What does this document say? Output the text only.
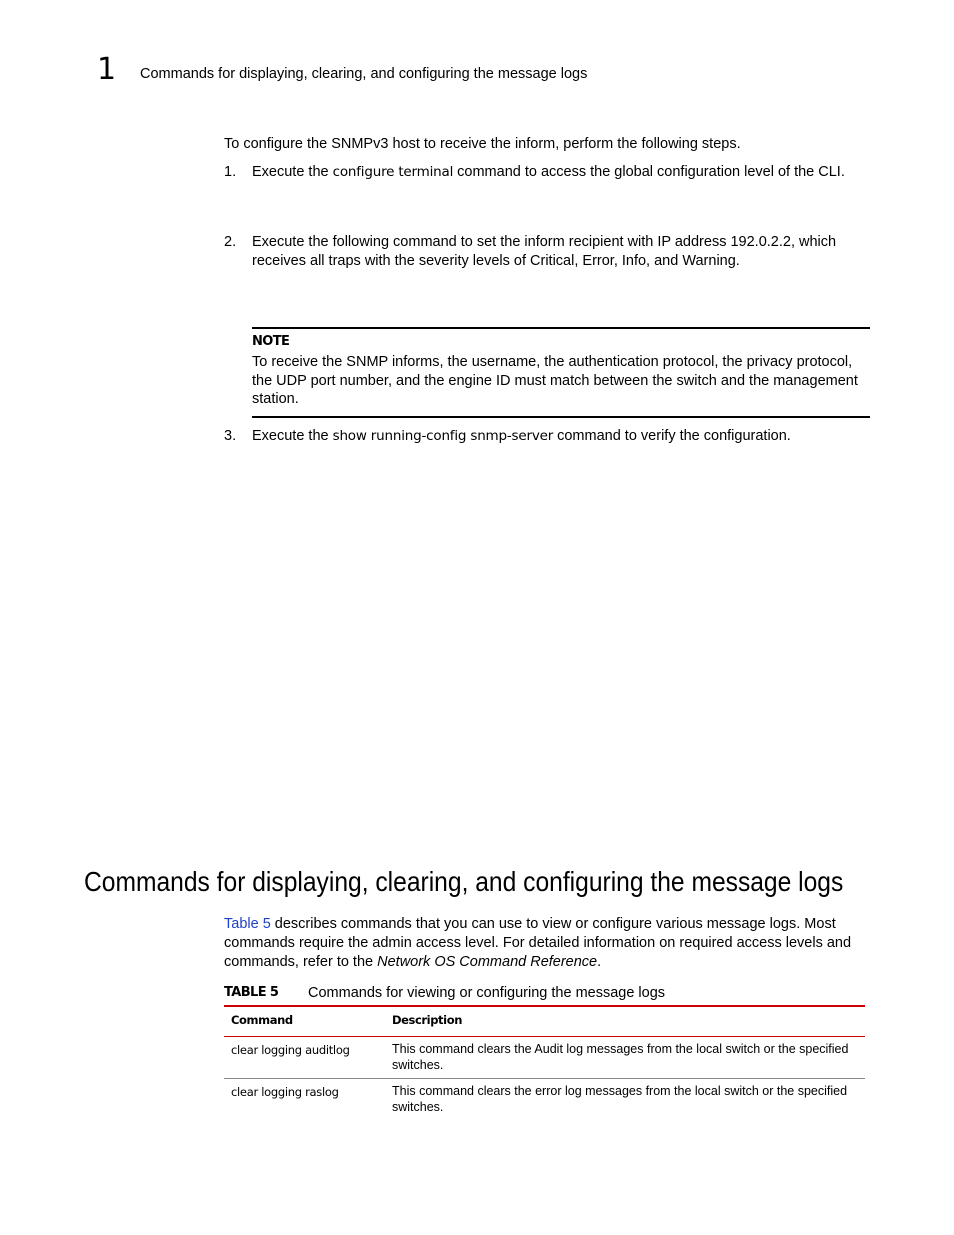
1 Commands for displaying, clearing, and configuring the message logs
To configure the SNMPv3 host to receive the inform, perform the following steps.
1. Execute the configure terminal command to access the global configuration level of the CLI.
2. Execute the following command to set the inform recipient with IP address 192.0.2.2, which receives all traps with the severity levels of Critical, Error, Info, and Warning.
NOTE
To receive the SNMP informs, the username, the authentication protocol, the privacy protocol, the UDP port number, and the engine ID must match between the switch and the management station.
3. Execute the show running-config snmp-server command to verify the configuration.
Commands for displaying, clearing, and configuring the message logs
Table 5 describes commands that you can use to view or configure various message logs. Most commands require the admin access level. For detailed information on required access levels and commands, refer to the Network OS Command Reference.
TABLE 5 Commands for viewing or configuring the message logs
Command	Description
clear logging auditlog	This command clears the Audit log messages from the local switch or the specified switches.
clear logging raslog	This command clears the error log messages from the local switch or the specified switches.
